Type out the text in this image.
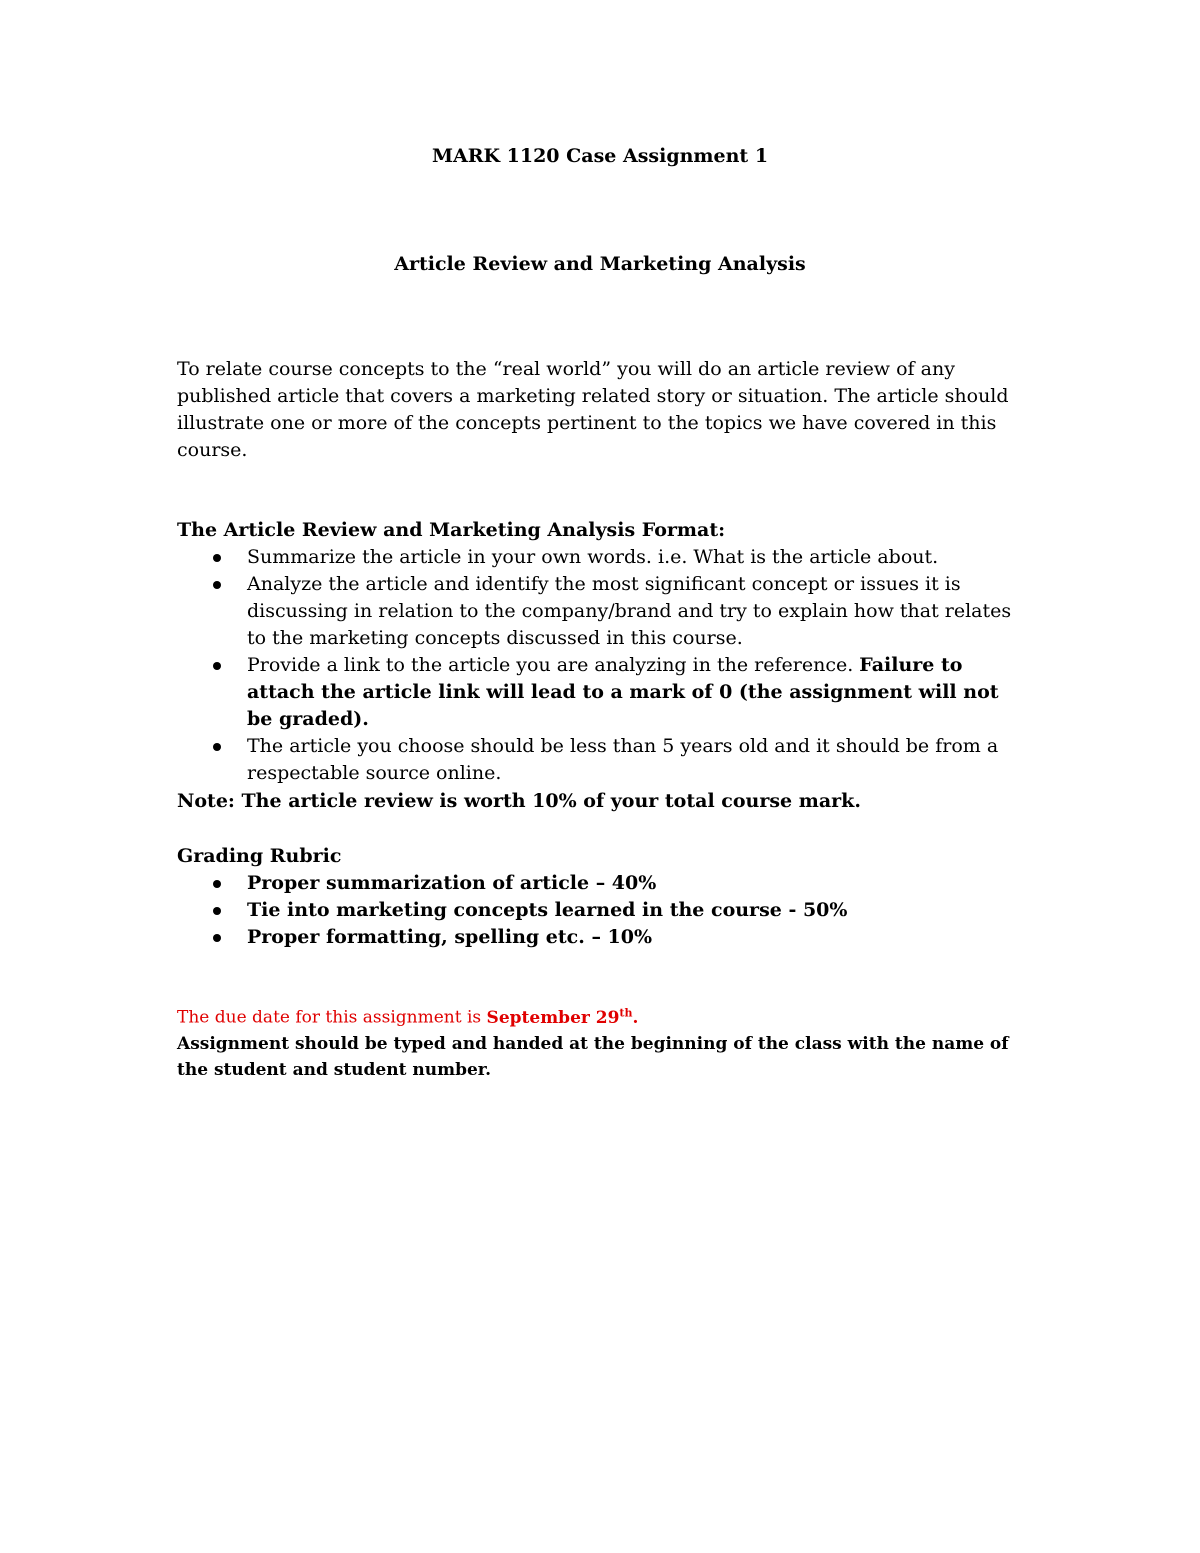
MARK 1120 Case Assignment 1
Article Review and Marketing Analysis
To relate course concepts to the “real world” you will do an article review of any published article that covers a marketing related story or situation. The article should illustrate one or more of the concepts pertinent to the topics we have covered in this course.
The Article Review and Marketing Analysis Format:
Summarize the article in your own words. i.e. What is the article about.
Analyze the article and identify the most significant concept or issues it is discussing in relation to the company/brand and try to explain how that relates to the marketing concepts discussed in this course.
Provide a link to the article you are analyzing in the reference. Failure to attach the article link will lead to a mark of 0 (the assignment will not be graded).
The article you choose should be less than 5 years old and it should be from a respectable source online.
Note: The article review is worth 10% of your total course mark.
Grading Rubric
Proper summarization of article – 40%
Tie into marketing concepts learned in the course - 50%
Proper formatting, spelling etc. – 10%
The due date for this assignment is September 29th.
Assignment should be typed and handed at the beginning of the class with the name of the student and student number.
